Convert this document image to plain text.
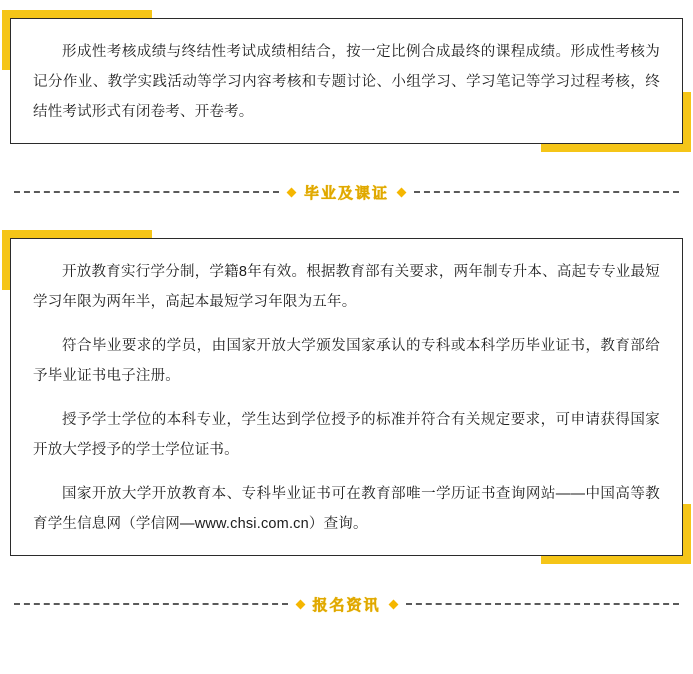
形成性考核成绩与终结性考试成绩相结合，按一定比例合成最终的课程成绩。形成性考核为记分作业、教学实践活动等学习内容考核和专题讨论、小组学习、学习笔记等学习过程考核，终结性考试形式有闭卷考、开卷考。

毕业及课证

开放教育实行学分制，学籍8年有效。根据教育部有关要求，两年制专升本、高起专专业最短学习年限为两年半，高起本最短学习年限为五年。

符合毕业要求的学员，由国家开放大学颁发国家承认的专科或本科学历毕业证书，教育部给予毕业证书电子注册。

授予学士学位的本科专业，学生达到学位授予的标准并符合有关规定要求，可申请获得国家开放大学授予的学士学位证书。

国家开放大学开放教育本、专科毕业证书可在教育部唯一学历证书查询网站——中国高等教育学生信息网（学信网—www.chsi.com.cn）查询。

报名资讯
